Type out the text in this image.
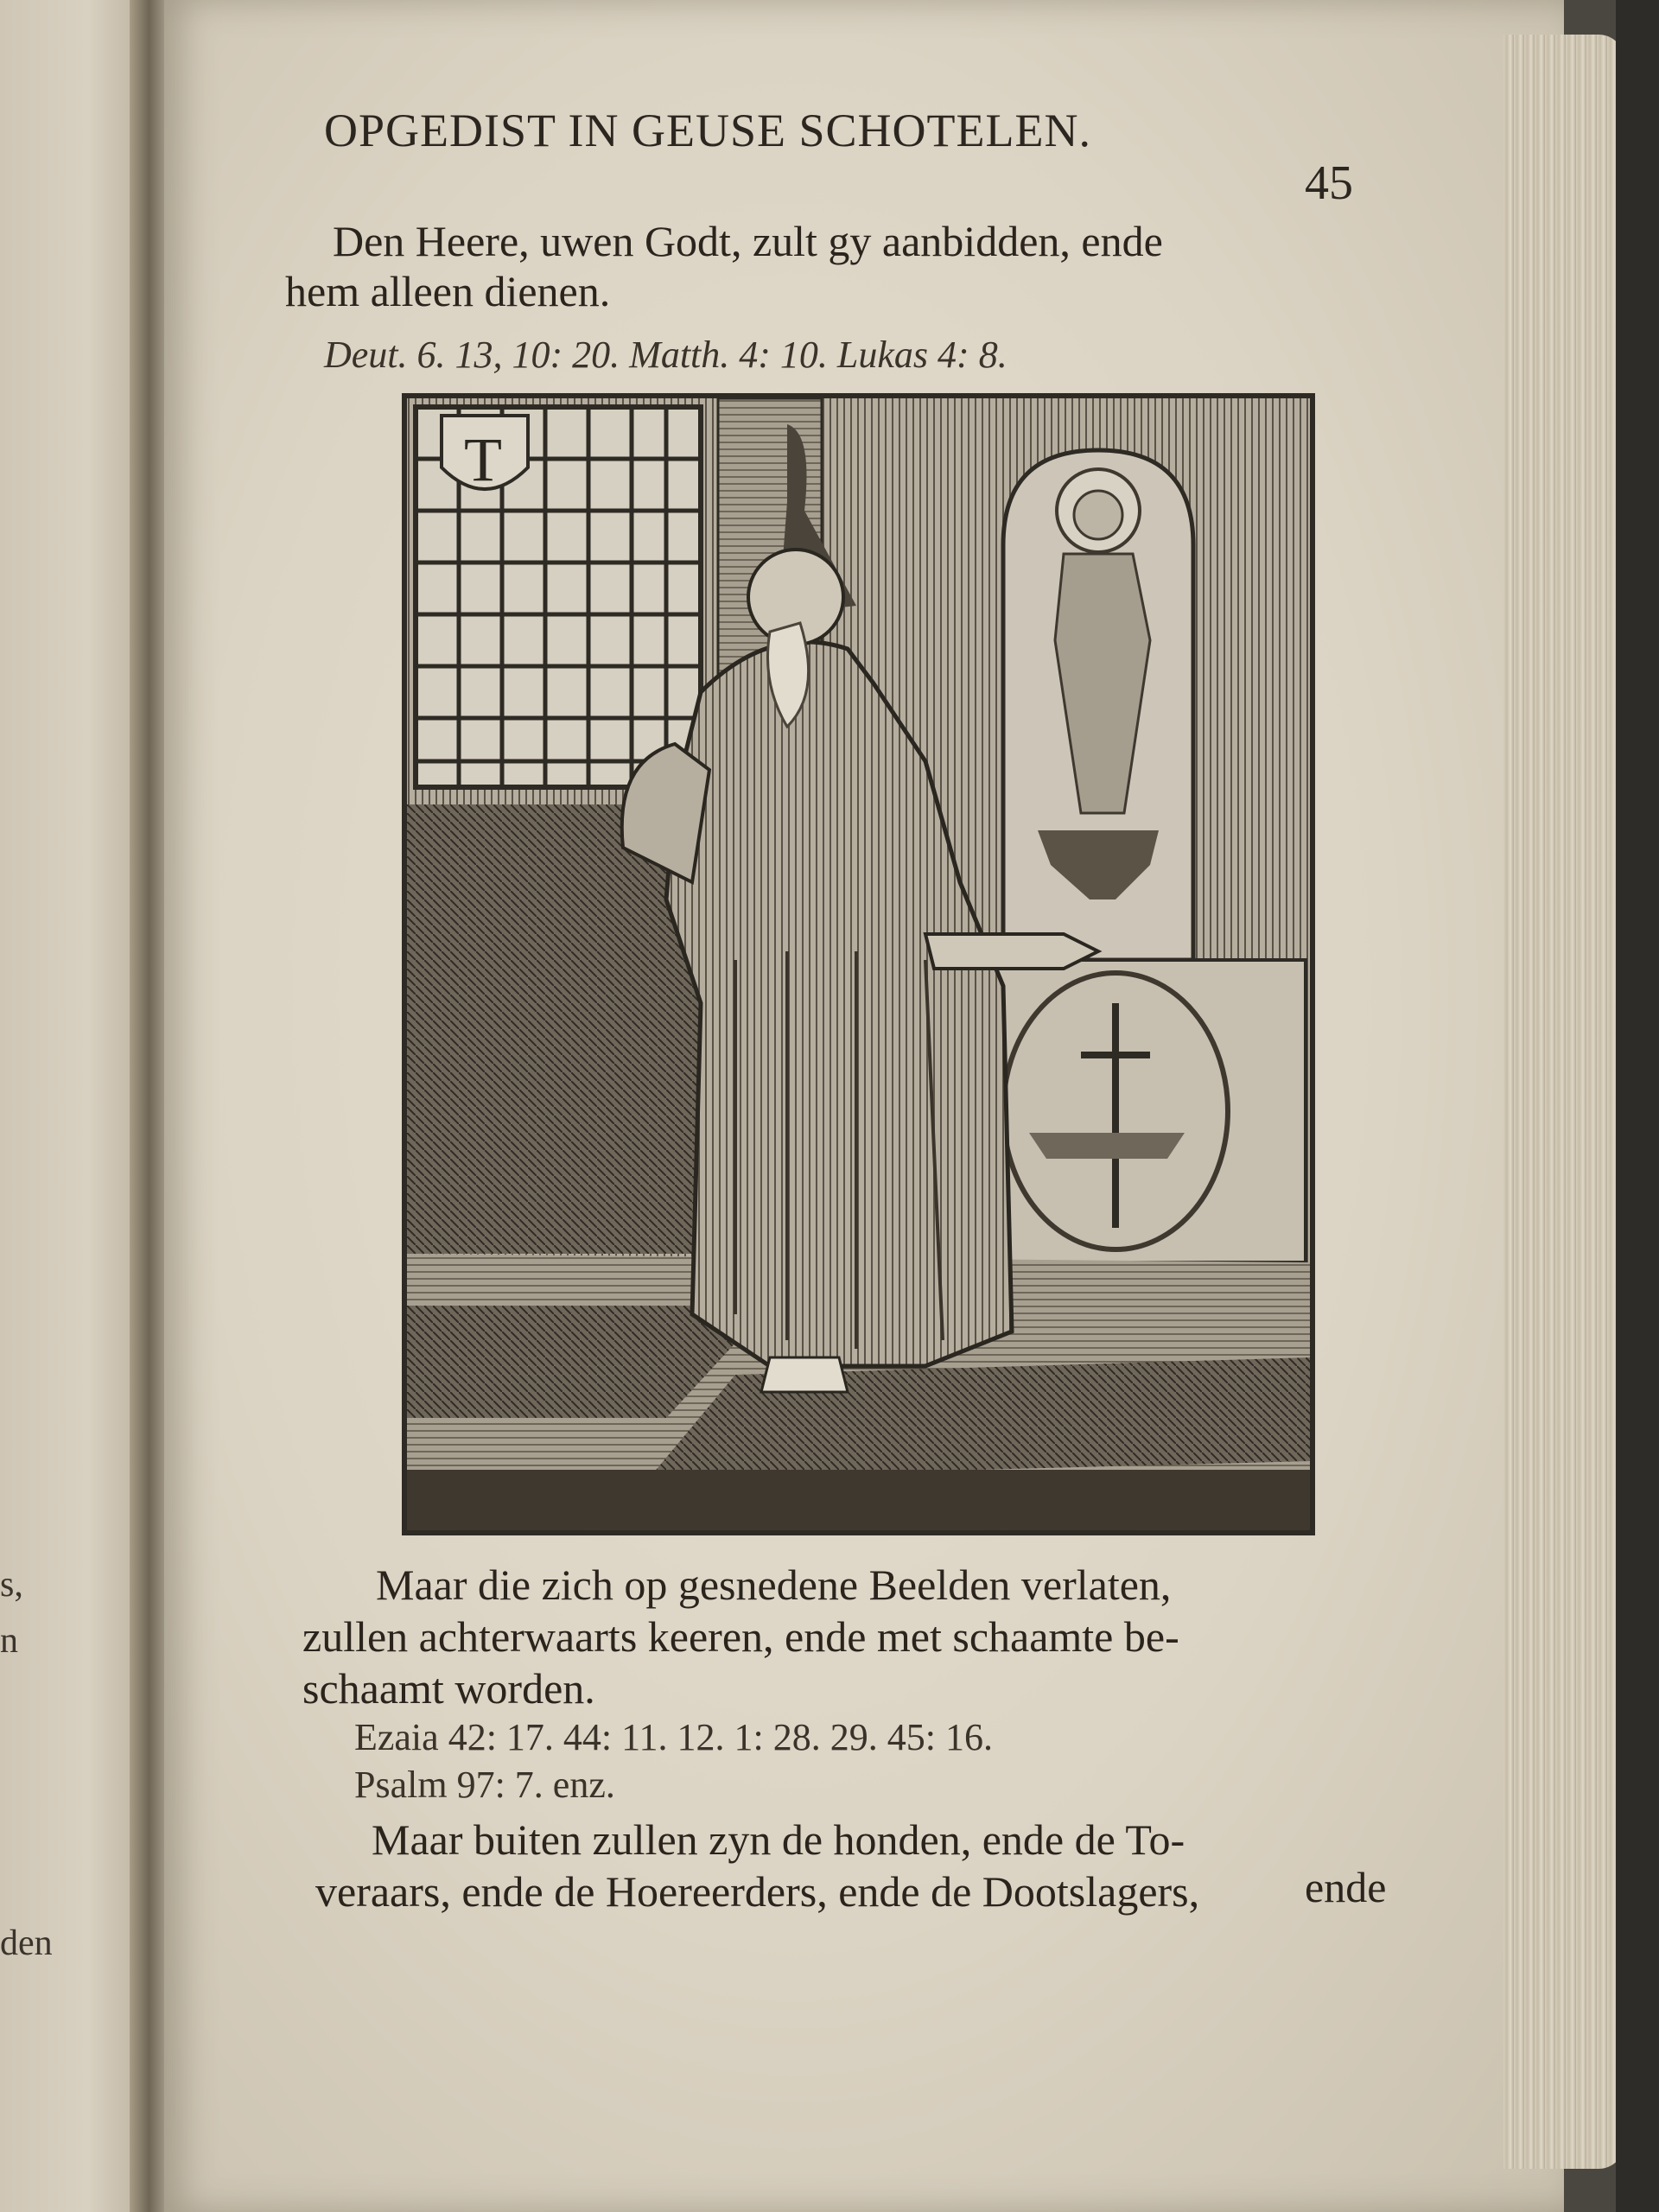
s,
n
den
OPGEDIST IN GEUSE SCHOTELEN.
45
Den Heere, uwen Godt, zult gy aanbidden, ende
hem alleen dienen.
Deut. 6. 13, 10: 20. Matth. 4: 10. Lukas 4: 8.
T
Maar die zich op gesnedene Beelden verlaten,
zullen achterwaarts keeren, ende met schaamte be-
schaamt worden.
Ezaia 42: 17. 44: 11. 12. 1: 28. 29. 45: 16.
Psalm 97: 7. enz.
Maar buiten zullen zyn de honden, ende de To-
veraars, ende de Hoereerders, ende de Dootslagers, ende
